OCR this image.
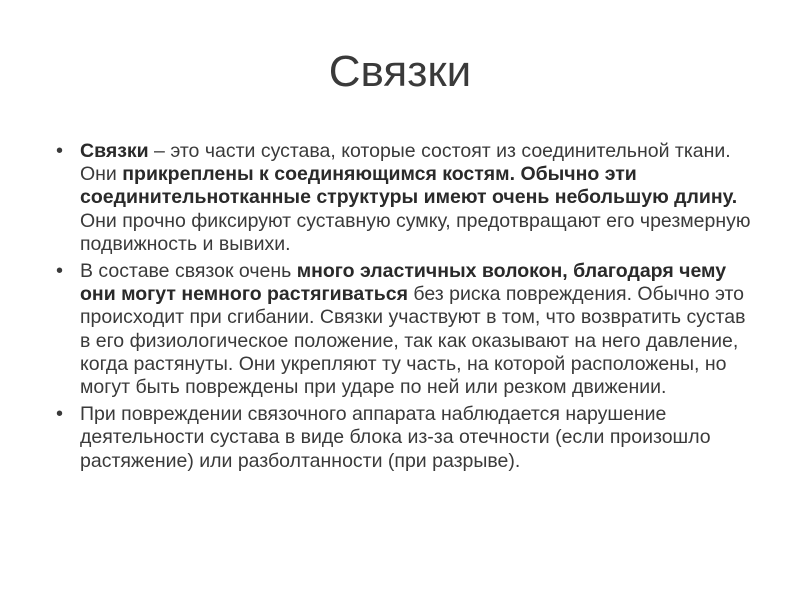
Связки
• Связки – это части сустава, которые состоят из соединительной ткани. Они прикреплены к соединяющимся костям. Обычно эти соединительнотканные структуры имеют очень небольшую длину. Они прочно фиксируют суставную сумку, предотвращают его чрезмерную подвижность и вывихи.
• В составе связок очень много эластичных волокон, благодаря чему они могут немного растягиваться без риска повреждения. Обычно это происходит при сгибании. Связки участвуют в том, что возвратить сустав в его физиологическое положение, так как оказывают на него давление, когда растянуты. Они укрепляют ту часть, на которой расположены, но могут быть повреждены при ударе по ней или резком движении.
• При повреждении связочного аппарата наблюдается нарушение деятельности сустава в виде блока из-за отечности (если произошло растяжение) или разболтанности (при разрыве).
